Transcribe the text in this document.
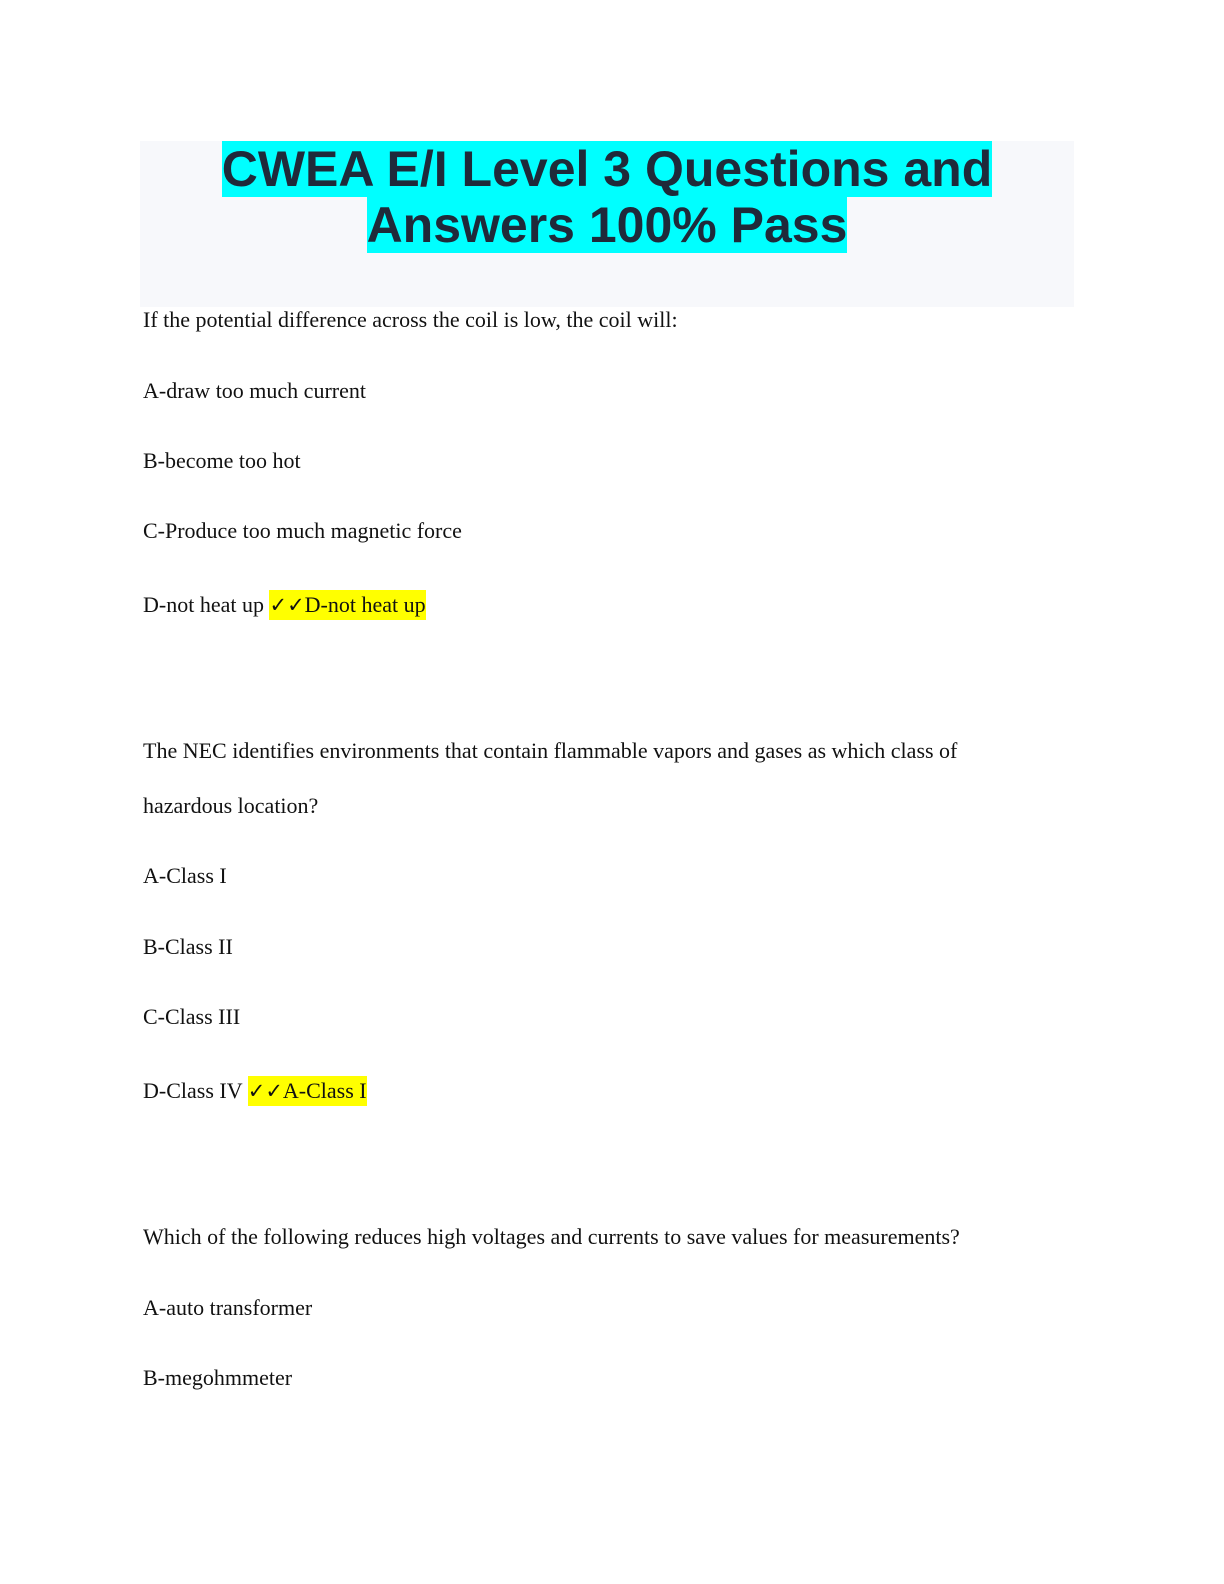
CWEA E/I Level 3 Questions and
Answers 100% Pass
If the potential difference across the coil is low, the coil will:
A-draw too much current
B-become too hot
C-Produce too much magnetic force
D-not heat up ✓✓D-not heat up
The NEC identifies environments that contain flammable vapors and gases as which class of
hazardous location?
A-Class I
B-Class II
C-Class III
D-Class IV ✓✓A-Class I
Which of the following reduces high voltages and currents to save values for measurements?
A-auto transformer
B-megohmmeter
